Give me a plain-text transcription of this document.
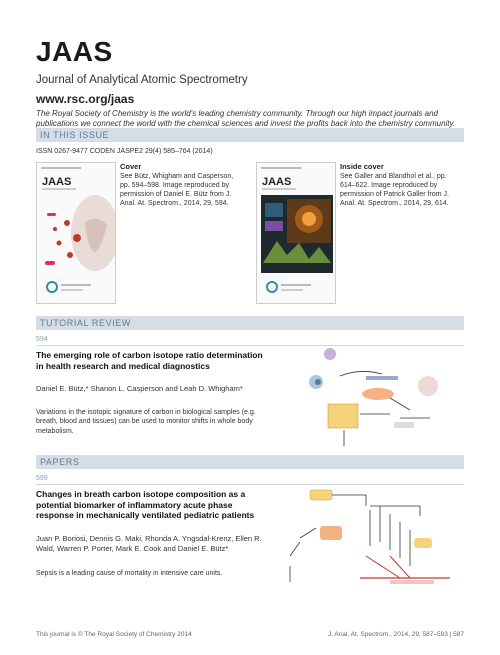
JAAS
Journal of Analytical Atomic Spectrometry
www.rsc.org/jaas
The Royal Society of Chemistry is the world's leading chemistry community. Through our high impact journals and publications we connect the world with the chemical sciences and invest the profits back into the chemistry community.
IN THIS ISSUE
ISSN 0267-9477 CODEN JASPE2 29(4) 585–764 (2014)
JAAS
Cover
See Bütz, Whigham and Casperson, pp. 594–598. Image reproduced by permission of Daniel E. Bütz from J. Anal. At. Spectrom., 2014, 29, 594.
JAAS
Inside cover
See Galler and Blandhol et al., pp. 614–622. Image reproduced by permission of Patrick Galler from J. Anal. At. Spectrom., 2014, 29, 614.
TUTORIAL REVIEW
594
The emerging role of carbon isotope ratio determination in health research and medical diagnostics
Daniel E. Bütz,* Shanon L. Casperson and Leah D. Whigham*
Variations in the isotopic signature of carbon in biological samples (e.g. breath, blood and tissues) can be used to monitor shifts in whole body metabolism.
PAPERS
599
Changes in breath carbon isotope composition as a potential biomarker of inflammatory acute phase response in mechanically ventilated pediatric patients
Juan P. Boriosi, Dennis G. Maki, Rhonda A. Yngsdal-Krenz, Ellen R. Wald, Warren P. Porter, Mark E. Cook and Daniel E. Bütz*
Sepsis is a leading cause of mortality in intensive care units.
This journal is © The Royal Society of Chemistry 2014	J. Anal. At. Spectrom., 2014, 29, 587–593 | 587
